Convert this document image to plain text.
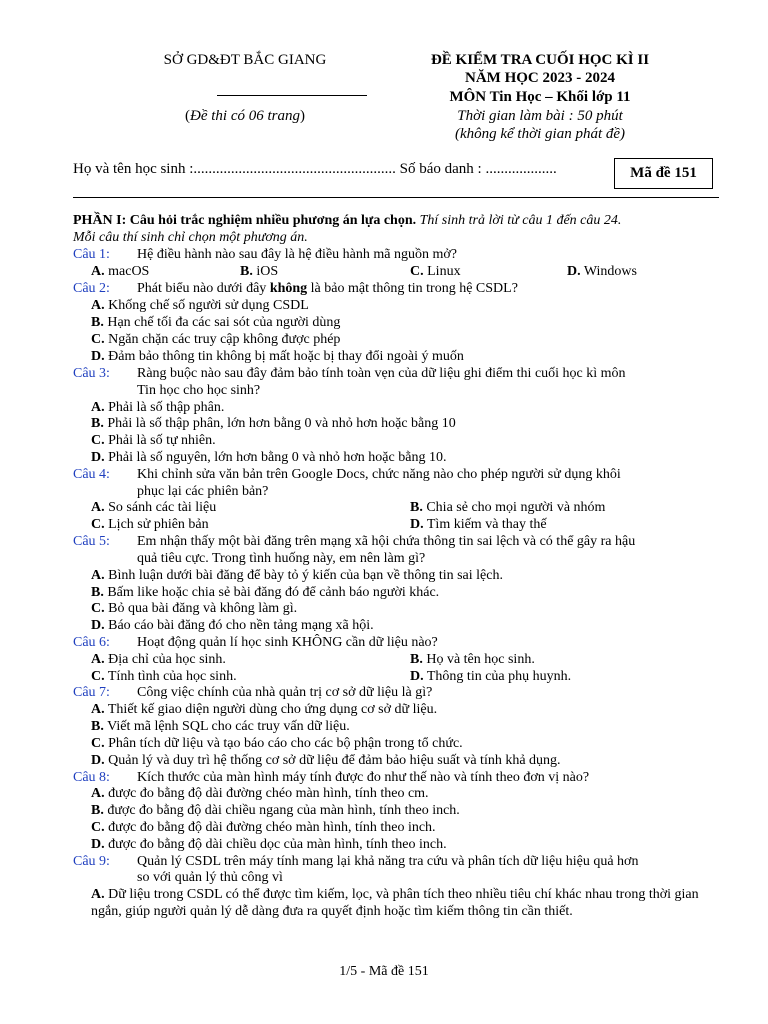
SỞ GD&ĐT BẮC GIANG
(Đề thi có 06 trang)
ĐỀ KIỂM TRA CUỐI HỌC KÌ II
NĂM HỌC 2023 - 2024
MÔN Tin Học – Khối lớp 11
Thời gian làm bài : 50 phút
(không kể thời gian phát đề)
Họ và tên học sinh :...................................................... Số báo danh : ...................	Mã đề 151
PHẦN I: Câu hỏi trắc nghiệm nhiều phương án lựa chọn. Thí sinh trả lời từ câu 1 đến câu 24.
Mỗi câu thí sinh chỉ chọn một phương án.
Câu 1: Hệ điều hành nào sau đây là hệ điều hành mã nguồn mở?
A. macOS	B. iOS	C. Linux	D. Windows
Câu 2: Phát biểu nào dưới đây không là bảo mật thông tin trong hệ CSDL?
A. Khống chế số người sử dụng CSDL
B. Hạn chế tối đa các sai sót của người dùng
C. Ngăn chặn các truy cập không được phép
D. Đảm bảo thông tin không bị mất hoặc bị thay đổi ngoài ý muốn
Câu 3: Ràng buộc nào sau đây đảm bảo tính toàn vẹn của dữ liệu ghi điểm thi cuối học kì môn
Tin học cho học sinh?
A. Phải là số thập phân.
B. Phải là số thập phân, lớn hơn bằng 0 và nhỏ hơn hoặc bằng 10
C. Phải là số tự nhiên.
D. Phải là số nguyên, lớn hơn bằng 0 và nhỏ hơn hoặc bằng 10.
Câu 4: Khi chỉnh sửa văn bản trên Google Docs, chức năng nào cho phép người sử dụng khôi
phục lại các phiên bản?
A. So sánh các tài liệu	B. Chia sẻ cho mọi người và nhóm
C. Lịch sử phiên bản	D. Tìm kiếm và thay thế
Câu 5: Em nhận thấy một bài đăng trên mạng xã hội chứa thông tin sai lệch và có thể gây ra hậu
quả tiêu cực. Trong tình huống này, em nên làm gì?
A. Bình luận dưới bài đăng để bày tỏ ý kiến của bạn về thông tin sai lệch.
B. Bấm like hoặc chia sẻ bài đăng đó để cảnh báo người khác.
C. Bỏ qua bài đăng và không làm gì.
D. Báo cáo bài đăng đó cho nền tảng mạng xã hội.
Câu 6: Hoạt động quản lí học sinh KHÔNG cần dữ liệu nào?
A. Địa chỉ của học sinh.	B. Họ và tên học sinh.
C. Tính tình của học sinh.	D. Thông tin của phụ huynh.
Câu 7: Công việc chính của nhà quản trị cơ sở dữ liệu là gì?
A. Thiết kế giao diện người dùng cho ứng dụng cơ sở dữ liệu.
B. Viết mã lệnh SQL cho các truy vấn dữ liệu.
C. Phân tích dữ liệu và tạo báo cáo cho các bộ phận trong tổ chức.
D. Quản lý và duy trì hệ thống cơ sở dữ liệu để đảm bảo hiệu suất và tính khả dụng.
Câu 8: Kích thước của màn hình máy tính được đo như thế nào và tính theo đơn vị nào?
A. được đo bằng độ dài đường chéo màn hình, tính theo cm.
B. được đo bằng độ dài chiều ngang của màn hình, tính theo inch.
C. được đo bằng độ dài đường chéo màn hình, tính theo inch.
D. được đo bằng độ dài chiều dọc của màn hình, tính theo inch.
Câu 9: Quản lý CSDL trên máy tính mang lại khả năng tra cứu và phân tích dữ liệu hiệu quả hơn
so với quản lý thủ công vì
A. Dữ liệu trong CSDL có thể được tìm kiếm, lọc, và phân tích theo nhiều tiêu chí khác nhau trong thời gian ngắn, giúp người quản lý dễ dàng đưa ra quyết định hoặc tìm kiếm thông tin cần thiết.
1/5 - Mã đề 151
